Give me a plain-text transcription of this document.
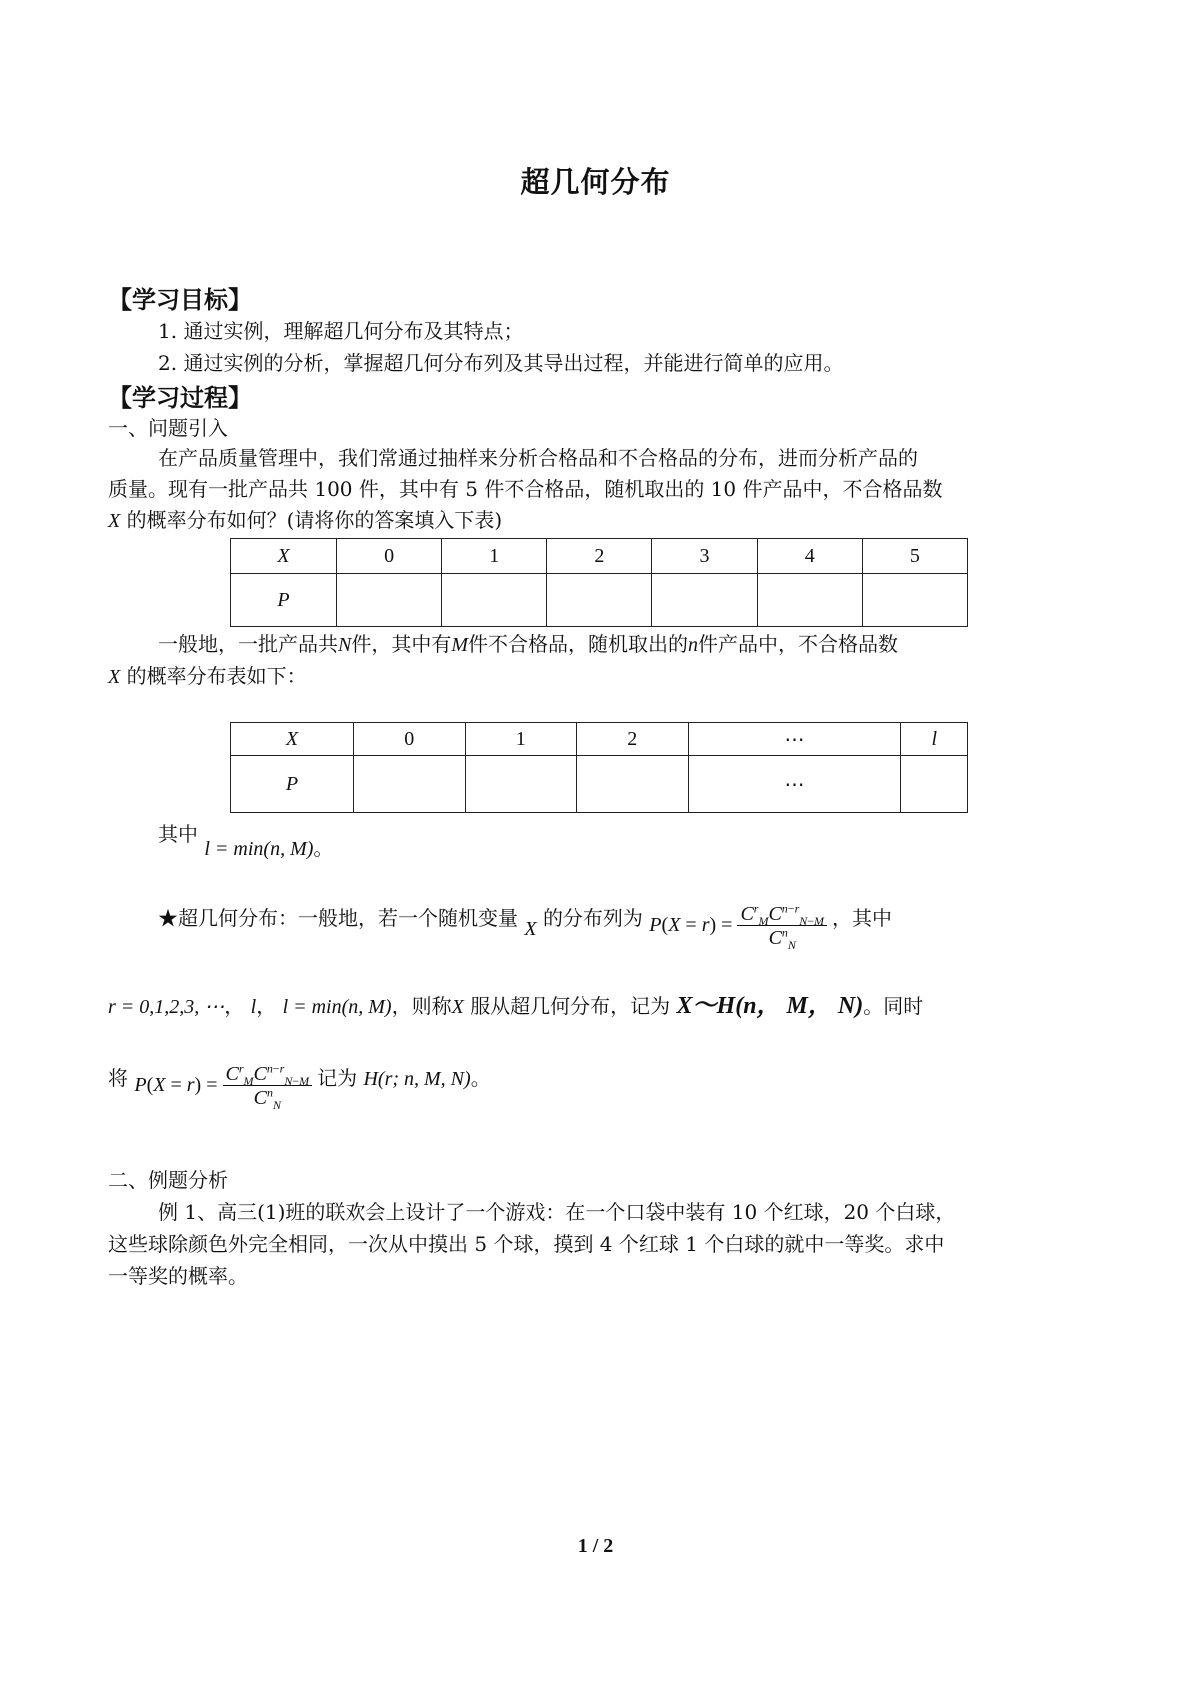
超几何分布
【学习目标】
1. 通过实例，理解超几何分布及其特点；
2. 通过实例的分析，掌握超几何分布列及其导出过程，并能进行简单的应用。
【学习过程】
一、问题引入
在产品质量管理中，我们常通过抽样来分析合格品和不合格品的分布，进而分析产品的
质量。现有一批产品共 100 件，其中有 5 件不合格品，随机取出的 10 件产品中，不合格品数
X 的概率分布如何？(请将你的答案填入下表)
X	0	1	2	3	4	5
P						
一般地，一批产品共N件，其中有M件不合格品，随机取出的n件产品中，不合格品数
X 的概率分布表如下：
X	0	1	2	⋯	l
P				⋯	
其中 l = min(n, M)。
★超几何分布：一般地，若一个随机变量 X 的分布列为 $P(X = r) = \frac{C^r_MC^{n-r}_{N-M}}{C^n_N}$ ，其中
r = 0,1,2,3, ⋯， l， l = min(n, M)，则称X 服从超几何分布，记为 X～H(n， M， N)。同时
将 $P(X = r) = \frac{C^r_MC^{n-r}_{N-M}}{C^n_N}$ 记为 H(r; n, M, N)。
二、例题分析
例 1、高三(1)班的联欢会上设计了一个游戏：在一个口袋中装有 10 个红球，20 个白球，
这些球除颜色外完全相同，一次从中摸出 5 个球，摸到 4 个红球 1 个白球的就中一等奖。求中
一等奖的概率。
1 / 2
